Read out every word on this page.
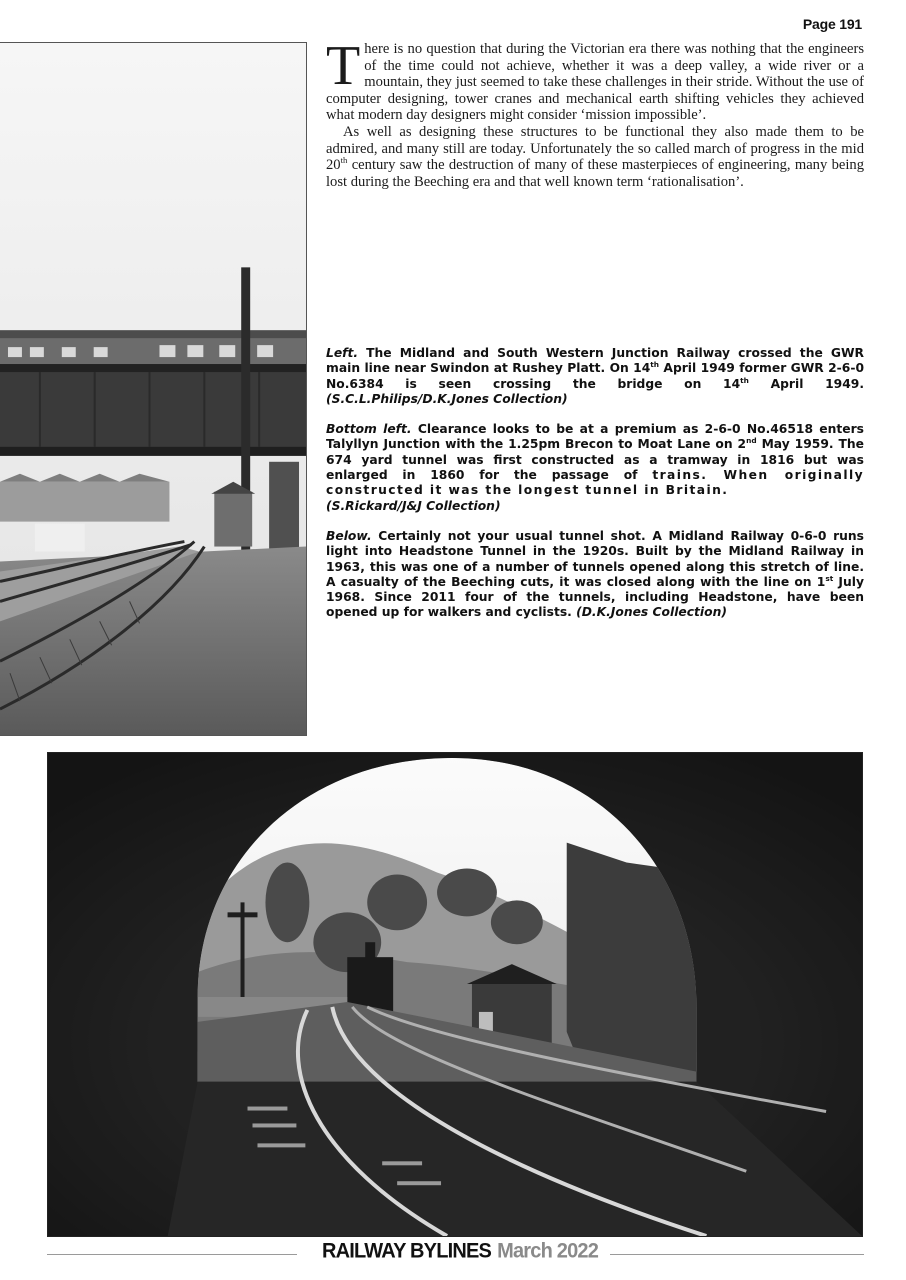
Page 191

There is no question that during the Victorian era there was nothing that the engineers of the time could not achieve, whether it was a deep valley, a wide river or a mountain, they just seemed to take these challenges in their stride. Without the use of computer designing, tower cranes and mechanical earth shifting vehicles they achieved what modern day designers might consider ‘mission impossible’.

As well as designing these structures to be functional they also made them to be admired, and many still are today. Unfortunately the so called march of progress in the mid 20th century saw the destruction of many of these masterpieces of engineering, many being lost during the Beeching era and that well known term ‘rationalisation’.

Left. The Midland and South Western Junction Railway crossed the GWR main line near Swindon at Rushey Platt. On 14th April 1949 former GWR 2-6-0 No.6384 is seen crossing the bridge on 14th April 1949. (S.C.L.Philips/D.K.Jones Collection)

Bottom left. Clearance looks to be at a premium as 2-6-0 No.46518 enters Talyllyn Junction with the 1.25pm Brecon to Moat Lane on 2nd May 1959. The 674 yard tunnel was first constructed as a tramway in 1816 but was enlarged in 1860 for the passage of trains. When originally constructed it was the longest tunnel in Britain.
(S.Rickard/J&J Collection)

Below. Certainly not your usual tunnel shot. A Midland Railway 0-6-0 runs light into Headstone Tunnel in the 1920s. Built by the Midland Railway in 1963, this was one of a number of tunnels opened along this stretch of line. A casualty of the Beeching cuts, it was closed along with the line on 1st July 1968. Since 2011 four of the tunnels, including Headstone, have been opened up for walkers and cyclists. (D.K.Jones Collection)

RAILWAY BYLINES March 2022
